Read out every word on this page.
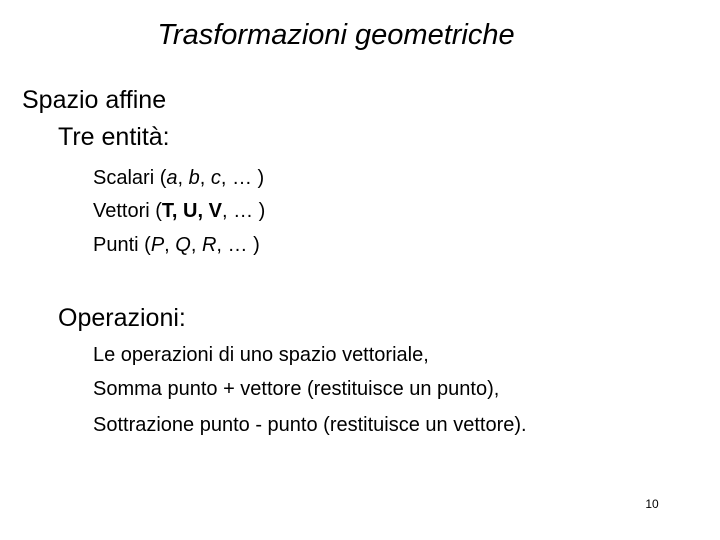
Trasformazioni geometriche
Spazio affine
Tre entità:
Scalari (a, b, c, … )
Vettori (T, U, V, … )
Punti (P, Q, R, … )
Operazioni:
Le operazioni di uno spazio vettoriale,
Somma punto + vettore (restituisce un punto),
Sottrazione punto - punto (restituisce un vettore).
10
